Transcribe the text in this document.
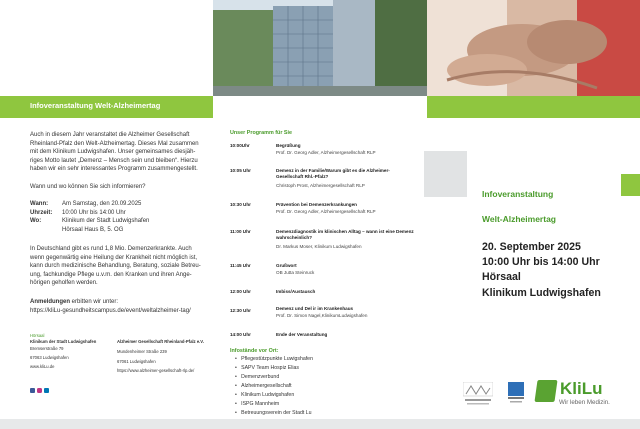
Infoveranstaltung Welt-Alzheimertag
Auch in diesem Jahr veranstaltet die Alzheimer Gesellschaft
Rheinland-Pfalz den Welt-Alzheimertag. Dieses Mal zusammen
mit dem Klinikum Ludwigshafen. Unser gemeinsames diesjäh-
riges Motto lautet „Demenz – Mensch sein und bleiben“. Hierzu
haben wir ein sehr interessantes Programm zusammengestellt.
Wann und wo können Sie sich informieren?
Wann: Am Samstag, den 20.09.2025
Uhrzeit: 10:00 Uhr bis 14:00 Uhr
Wo:	Klinikum der Stadt Ludwigshafen
Hörsaal Haus B, 5. OG
In Deutschland gibt es rund 1,8 Mio. Demenzerkrankte. Auch
wenn gegenwärtig eine Heilung der Krankheit nicht möglich ist,
kann durch medizinische Behandlung, Beratung, soziale Betreu-
ung, fachkundige Pflege u.v.m. den Kranken und ihren Ange-
hörigen geholfen werden.
Anmeldungen erbitten wir unter:
https://kliLu-gesundheitscampus.de/event/weltalzheimer-tag/
Hörsaal
Klinikum der Stadt Ludwigshafen
Bremserstraße 79
67063 Ludwigshafen
www.kliLu.de
Alzheimer Gesellschaft Rheinland-Pfalz e.V.
Mundenheimer Straße 239
67061 Ludwigshafen
https://www.alzheimer-gesellschaft-rlp.de/
Unser Programm für Sie
10:00Uhr	Begrüßung
Prof. Dr. Georg Adler, Alzheimergesellschaft RLP
10:05 Uhr	Demenz in der Familie/Warum gibt es die Alzheimer-Gesellschaft Rhl.-Pfalz?
Christoph Prost, Alzheimergesellschaft RLP
10:30 Uhr	Prävention bei Demenzerkrankungen
Prof. Dr. Georg Adler, Alzheimergesellschaft RLP
11:00 Uhr	Demenzdiagnostik im klinischen Alltag – wann ist eine Demenz wahrscheinlich?
Dr. Markus Moser, Klinikum Ludwigshafen
11:45 Uhr	Grußwort
OB Jutta Steinruck
12:00 Uhr	Imbiss/Austausch
12:30 Uhr	Demenz und Del ir im Krankenhaus
Prof. Dr. Simon Nagel,KlinikumLudwigshafen
14:00 Uhr	Ende der Veranstaltung
Infostände vor Ort:
•   Pflegestützpunkte Luwigshafen
•   SAPV Team Hospiz Elias
•   Demenzverbund
•   Alzheimergesellschaft
•   Klinikum Ludwigshafen
•   ISPG Mannheim
•   Betreuungsverein der Stadt Lu
Infoveranstaltung
Welt-Alzheimertag
20. September 2025
10:00 Uhr bis 14:00 Uhr
Hörsaal
Klinikum Ludwigshafen
KliLu
Wir leben Medizin.
